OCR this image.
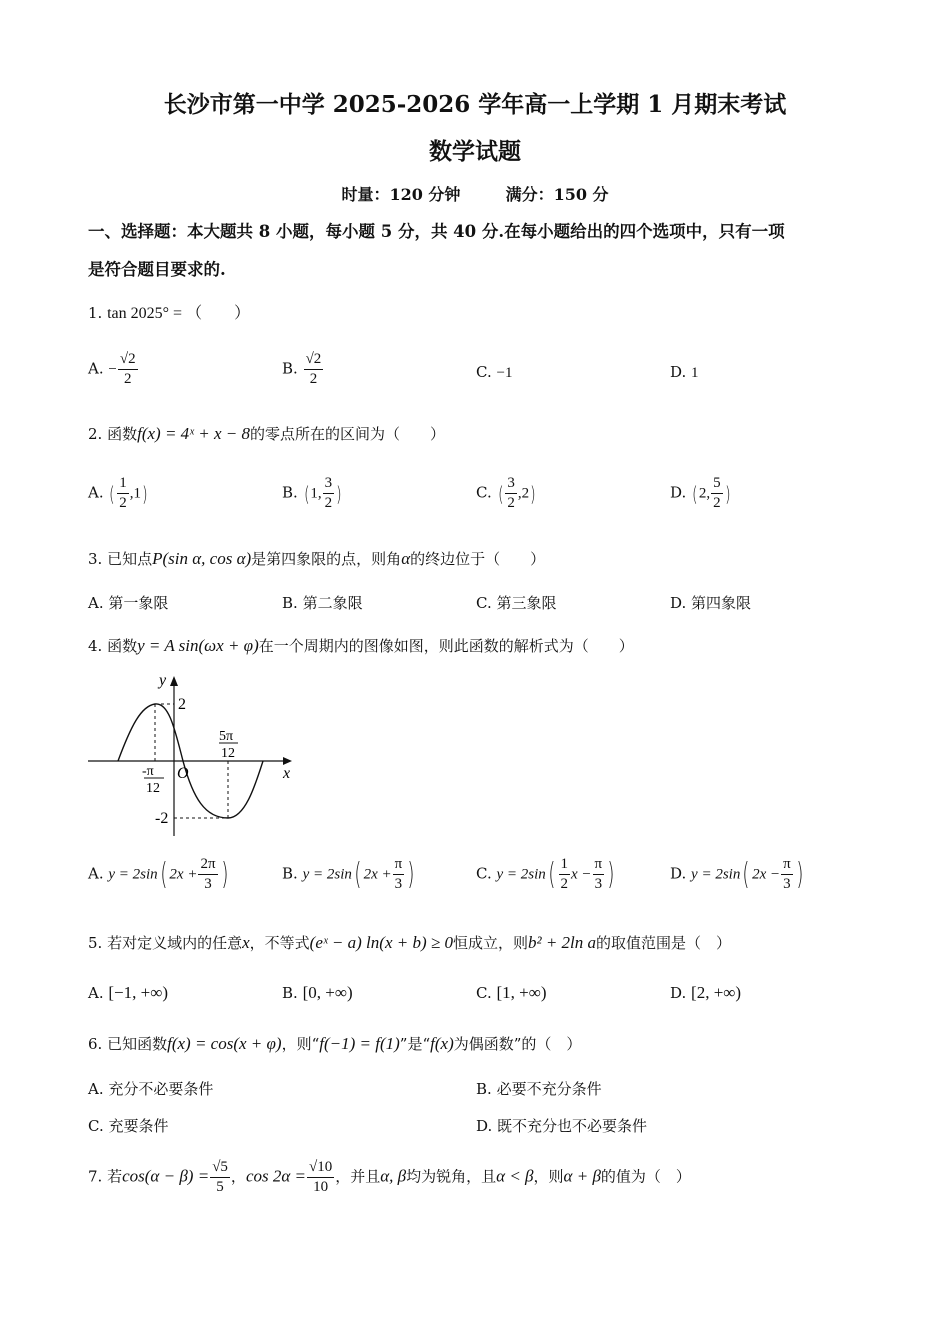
长沙市第一中学 2025-2026 学年高一上学期 1 月期末考试
数学试题
时量：120 分钟	满分：150 分
一、选择题：本大题共 8 小题，每小题 5 分，共 40 分.在每小题给出的四个选项中，只有一项
是符合题目要求的.
1. tan 2025° = （　　）
A. − $\frac{√2}{2}$	B. $\frac{√2}{2}$	C. −1	D. 1
2. 函数f(x) = 4ˣ + x − 8的零点所在的区间为（　　）
A. ( $\frac{1}{2} ,1$)	B. (1, $\frac{3}{2}$ )	C. ( $\frac{3}{2} ,2$)	D. (2, $\frac{5}{2}$ )
3. 已知点P(sin α, cos α)是第四象限的点，则角α的终边位于（　　）
A. 第一象限	B. 第二象限	C. 第三象限	D. 第四象限
4. 函数y = A sin(ωx + φ)在一个周期内的图像如图，则此函数的解析式为（　　）
y
x
O
2
-2
-π
12
5π
12
A. y = 2sin( $2x + \frac{2\pi}{3}$ )	B. y = 2sin( $2x + \frac{\pi}{3}$ )	C. $y = 2\sin( \frac{1}{2}$ $x - \frac{\pi}{3}$ )	D. y = 2sin( $2x - \frac{\pi}{3}$ )
5. 若对定义域内的任意x，不等式(eˣ − a) ln(x + b) ≥ 0恒成立，则b² + 2ln a的取值范围是（　）
A. [−1, +∞)	B. [0, +∞)	C. [1, +∞)	D. [2, +∞)
6. 已知函数f(x) = cos(x + φ)，则“f(−1) = f(1)”是“f(x)为偶函数”的（　）
A. 充分不必要条件	B. 必要不充分条件
C. 充要条件	D. 既不充分也不必要条件
7. 若$\cos(\alpha - \beta) = \frac{√5}{5}$ ，$\cos 2\alpha = \frac{√10}{10}$ ，并且α, β均为锐角，且α < β，则α + β的值为（　）
